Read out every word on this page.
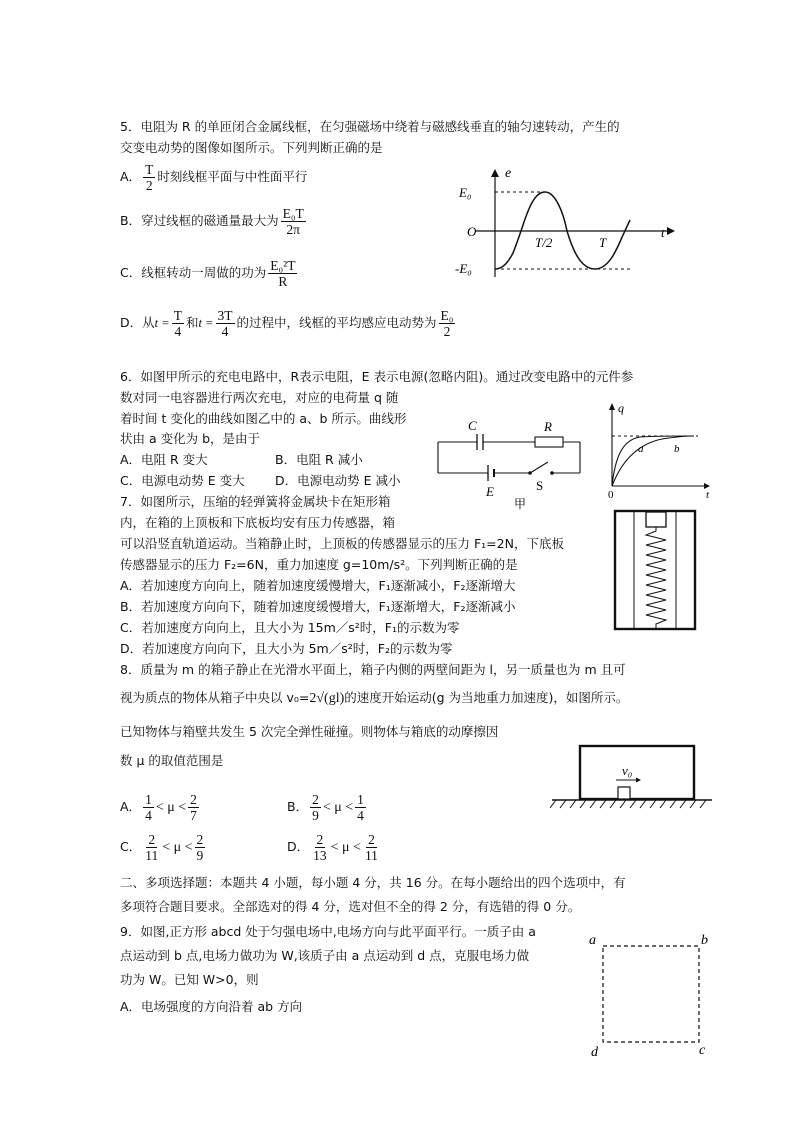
5．电阻为 R 的单匝闭合金属线框，在匀强磁场中绕着与磁感线垂直的轴匀速转动，产生的
交变电动势的图像如图所示。下列判断正确的是
A． $\frac{T}{2}$ 时刻线框平面与中性面平行
B．穿过线框的磁通量最大为 $\frac{\text{E₀T}}{2\pi}$
C．线框转动一周做的功为 $\frac{\text{E₀²T}}{R}$
D．从$t = \frac{T}{4}$ 和$t = \frac{3T}{4}$ 的过程中，线框的平均感应电动势为 $\frac{\text{E₀}}{2}$
e
E₀
O
-E₀
T/2	T
t
6．如图甲所示的充电电路中，R表示电阻，E 表示电源(忽略内阻)。通过改变电路中的元件参
数对同一电容器进行两次充电，对应的电荷量 q 随
着时间 t 变化的曲线如图乙中的 a、b 所示。曲线形
状由 a 变化为 b，是由于
A．电阻 R 变大	B．电阻 R 减小
C．电源电动势 E 变大 D．电源电动势 E 减小
C	R
E	S
甲
q
a	b
0	t
7．如图所示，压缩的轻弹簧将金属块卡在矩形箱
内，在箱的上顶板和下底板均安有压力传感器，箱
可以沿竖直轨道运动。当箱静止时，上顶板的传感器显示的压力 F₁=2N，下底板
传感器显示的压力 F₂=6N，重力加速度 g=10m/s²。下列判断正确的是
A．若加速度方向向上，随着加速度缓慢增大，F₁逐渐减小，F₂逐渐增大
B．若加速度方向向下，随着加速度缓慢增大，F₁逐渐增大，F₂逐渐减小
C．若加速度方向向上，且大小为 15m／s²时，F₁的示数为零
D．若加速度方向向下，且大小为 5m／s²时，F₂的示数为零
8．质量为 m 的箱子静止在光滑水平面上，箱子内侧的两壁间距为 l，另一质量也为 m 且可
视为质点的物体从箱子中央以 v₀=2√(gl)的速度开始运动(g 为当地重力加速度)，如图所示。
已知物体与箱壁共发生 5 次完全弹性碰撞。则物体与箱底的动摩擦因
数 μ 的取值范围是
A． $\frac{1}{4} < \mu < \frac{2}{7}$	B． $\frac{2}{9} < \mu < \frac{1}{4}$
C． $\frac{2}{11} < \mu < \frac{2}{9}$	D． $\frac{2}{13} < \mu < \frac{2}{11}$
v₀
二、多项选择题：本题共 4 小题，每小题 4 分，共 16 分。在每小题给出的四个选项中，有
多项符合题目要求。全部选对的得 4 分，选对但不全的得 2 分，有选错的得 0 分。
9．如图,正方形 abcd 处于匀强电场中,电场方向与此平面平行。一质子由 a
点运动到 b 点,电场力做功为 W,该质子由 a 点运动到 d 点，克服电场力做
功为 W。已知 W>0，则
A．电场强度的方向沿着 ab 方向
a	b
c
d
